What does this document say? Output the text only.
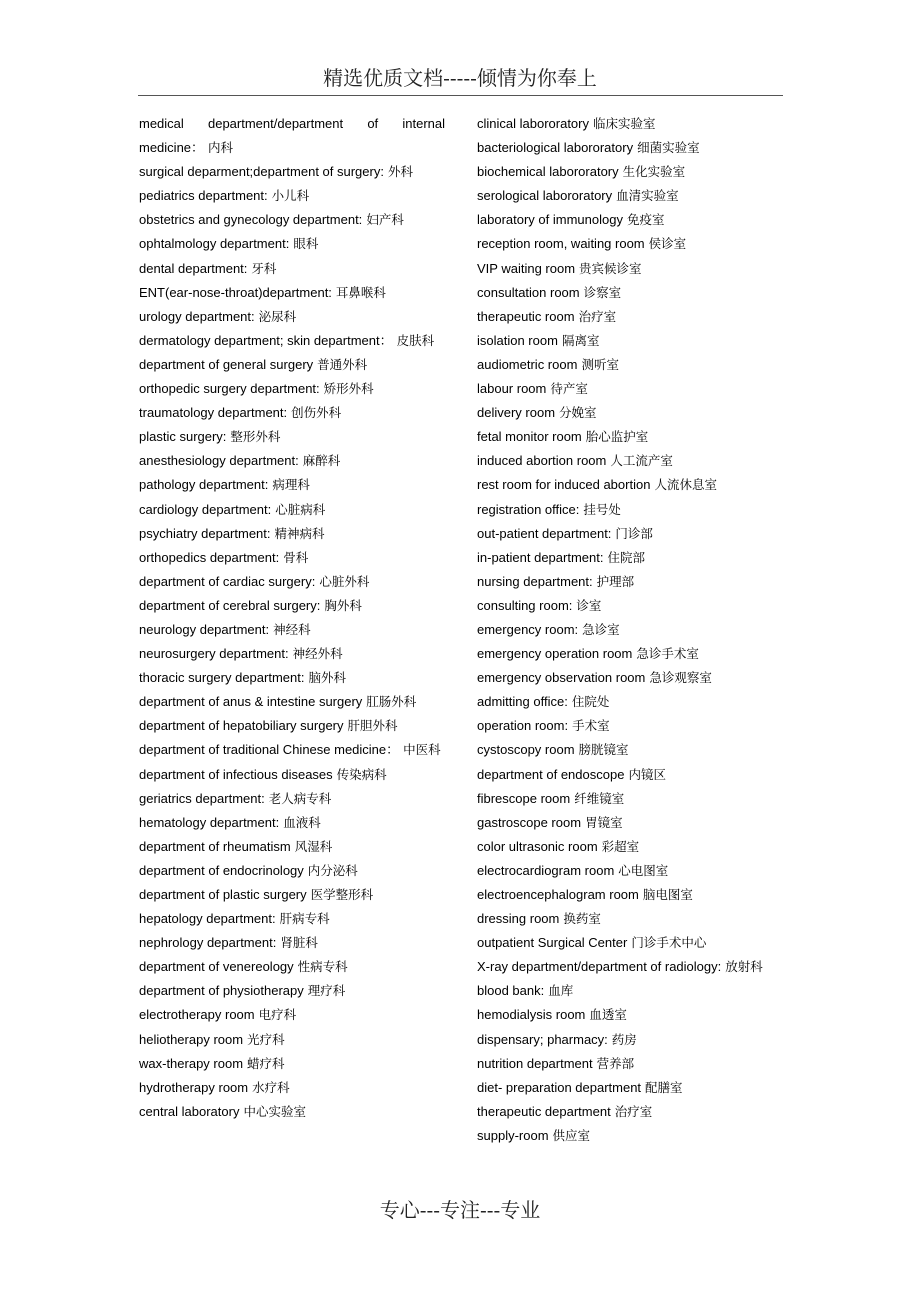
精选优质文档-----倾情为你奉上

medical department/department of internal medicine： 内科

surgical deparment;department of surgery: 外科

pediatrics department: 小儿科

obstetrics and gynecology department: 妇产科

ophtalmology department: 眼科

dental department: 牙科

ENT(ear-nose-throat)department: 耳鼻喉科

urology department: 泌尿科

dermatology department; skin department： 皮肤科

department of general surgery 普通外科

orthopedic surgery department: 矫形外科

traumatology department: 创伤外科

plastic surgery: 整形外科

anesthesiology department: 麻醉科

pathology department: 病理科

cardiology department: 心脏病科

psychiatry department: 精神病科

orthopedics department: 骨科

department of cardiac surgery: 心脏外科

department of cerebral surgery: 胸外科

neurology department: 神经科

neurosurgery department: 神经外科

thoracic surgery department: 脑外科

department of anus & intestine surgery 肛肠外科

department of hepatobiliary surgery 肝胆外科

department of traditional Chinese medicine： 中医科

department of infectious diseases 传染病科

geriatrics department: 老人病专科

hematology department: 血液科

department of rheumatism 风湿科

department of endocrinology 内分泌科

department of plastic surgery 医学整形科

hepatology department: 肝病专科

nephrology department: 肾脏科

department of venereology 性病专科

department of physiotherapy 理疗科

electrotherapy room 电疗科

heliotherapy room 光疗科

wax-therapy room 蜡疗科

hydrotherapy room 水疗科

central laboratory 中心实验室

clinical labororatory 临床实验室

bacteriological labororatory 细菌实验室

biochemical labororatory 生化实验室

serological labororatory 血清实验室

laboratory of immunology 免疫室

reception room, waiting room 侯诊室

VIP waiting room 贵宾候诊室

consultation room 诊察室

therapeutic room 治疗室

isolation room 隔离室

audiometric room 测听室

labour room 待产室

delivery room 分娩室

fetal monitor room 胎心监护室

induced abortion room 人工流产室

rest room for induced abortion 人流休息室

registration office: 挂号处

out-patient department: 门诊部

in-patient department: 住院部

nursing department: 护理部

consulting room: 诊室

emergency room: 急诊室

emergency operation room 急诊手术室

emergency observation room 急诊观察室

admitting office: 住院处

operation room: 手术室

cystoscopy room 膀胱镜室

department of endoscope 内镜区

fibrescope room 纤维镜室

gastroscope room 胃镜室

color ultrasonic room 彩超室

electrocardiogram room 心电图室

electroencephalogram room 脑电图室

dressing room 换药室

outpatient Surgical Center 门诊手术中心

X-ray department/department of radiology: 放射科

blood bank: 血库

hemodialysis room 血透室

dispensary; pharmacy: 药房

nutrition department 营养部

diet- preparation department 配膳室

therapeutic department 治疗室

supply-room 供应室

专心---专注---专业
